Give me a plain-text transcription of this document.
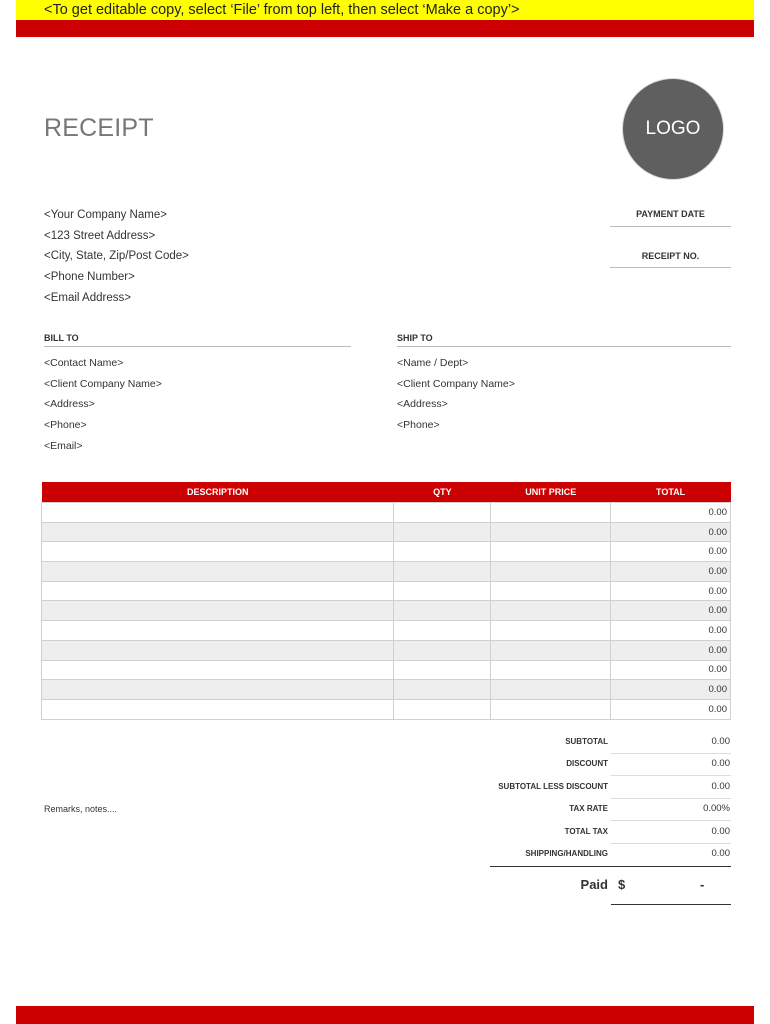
<To get editable copy, select ‘File’ from top left, then select ‘Make a copy’>
RECEIPT	LOGO
<Your Company Name>
<123 Street Address>
<City, State, Zip/Post Code>
<Phone Number>
<Email Address>
PAYMENT DATE
RECEIPT NO.
BILL TO
<Contact Name>
<Client Company Name>
<Address>
<Phone>
<Email>
SHIP TO
<Name / Dept>
<Client Company Name>
<Address>
<Phone>
DESCRIPTION	QTY	UNIT PRICE	TOTAL
			0.00
			0.00
			0.00
			0.00
			0.00
			0.00
			0.00
			0.00
			0.00
			0.00
			0.00
SUBTOTAL	0.00
DISCOUNT	0.00
SUBTOTAL LESS DISCOUNT	0.00
TAX RATE	0.00%
TOTAL TAX	0.00
SHIPPING/HANDLING	0.00
Remarks, notes....
Paid $	-
